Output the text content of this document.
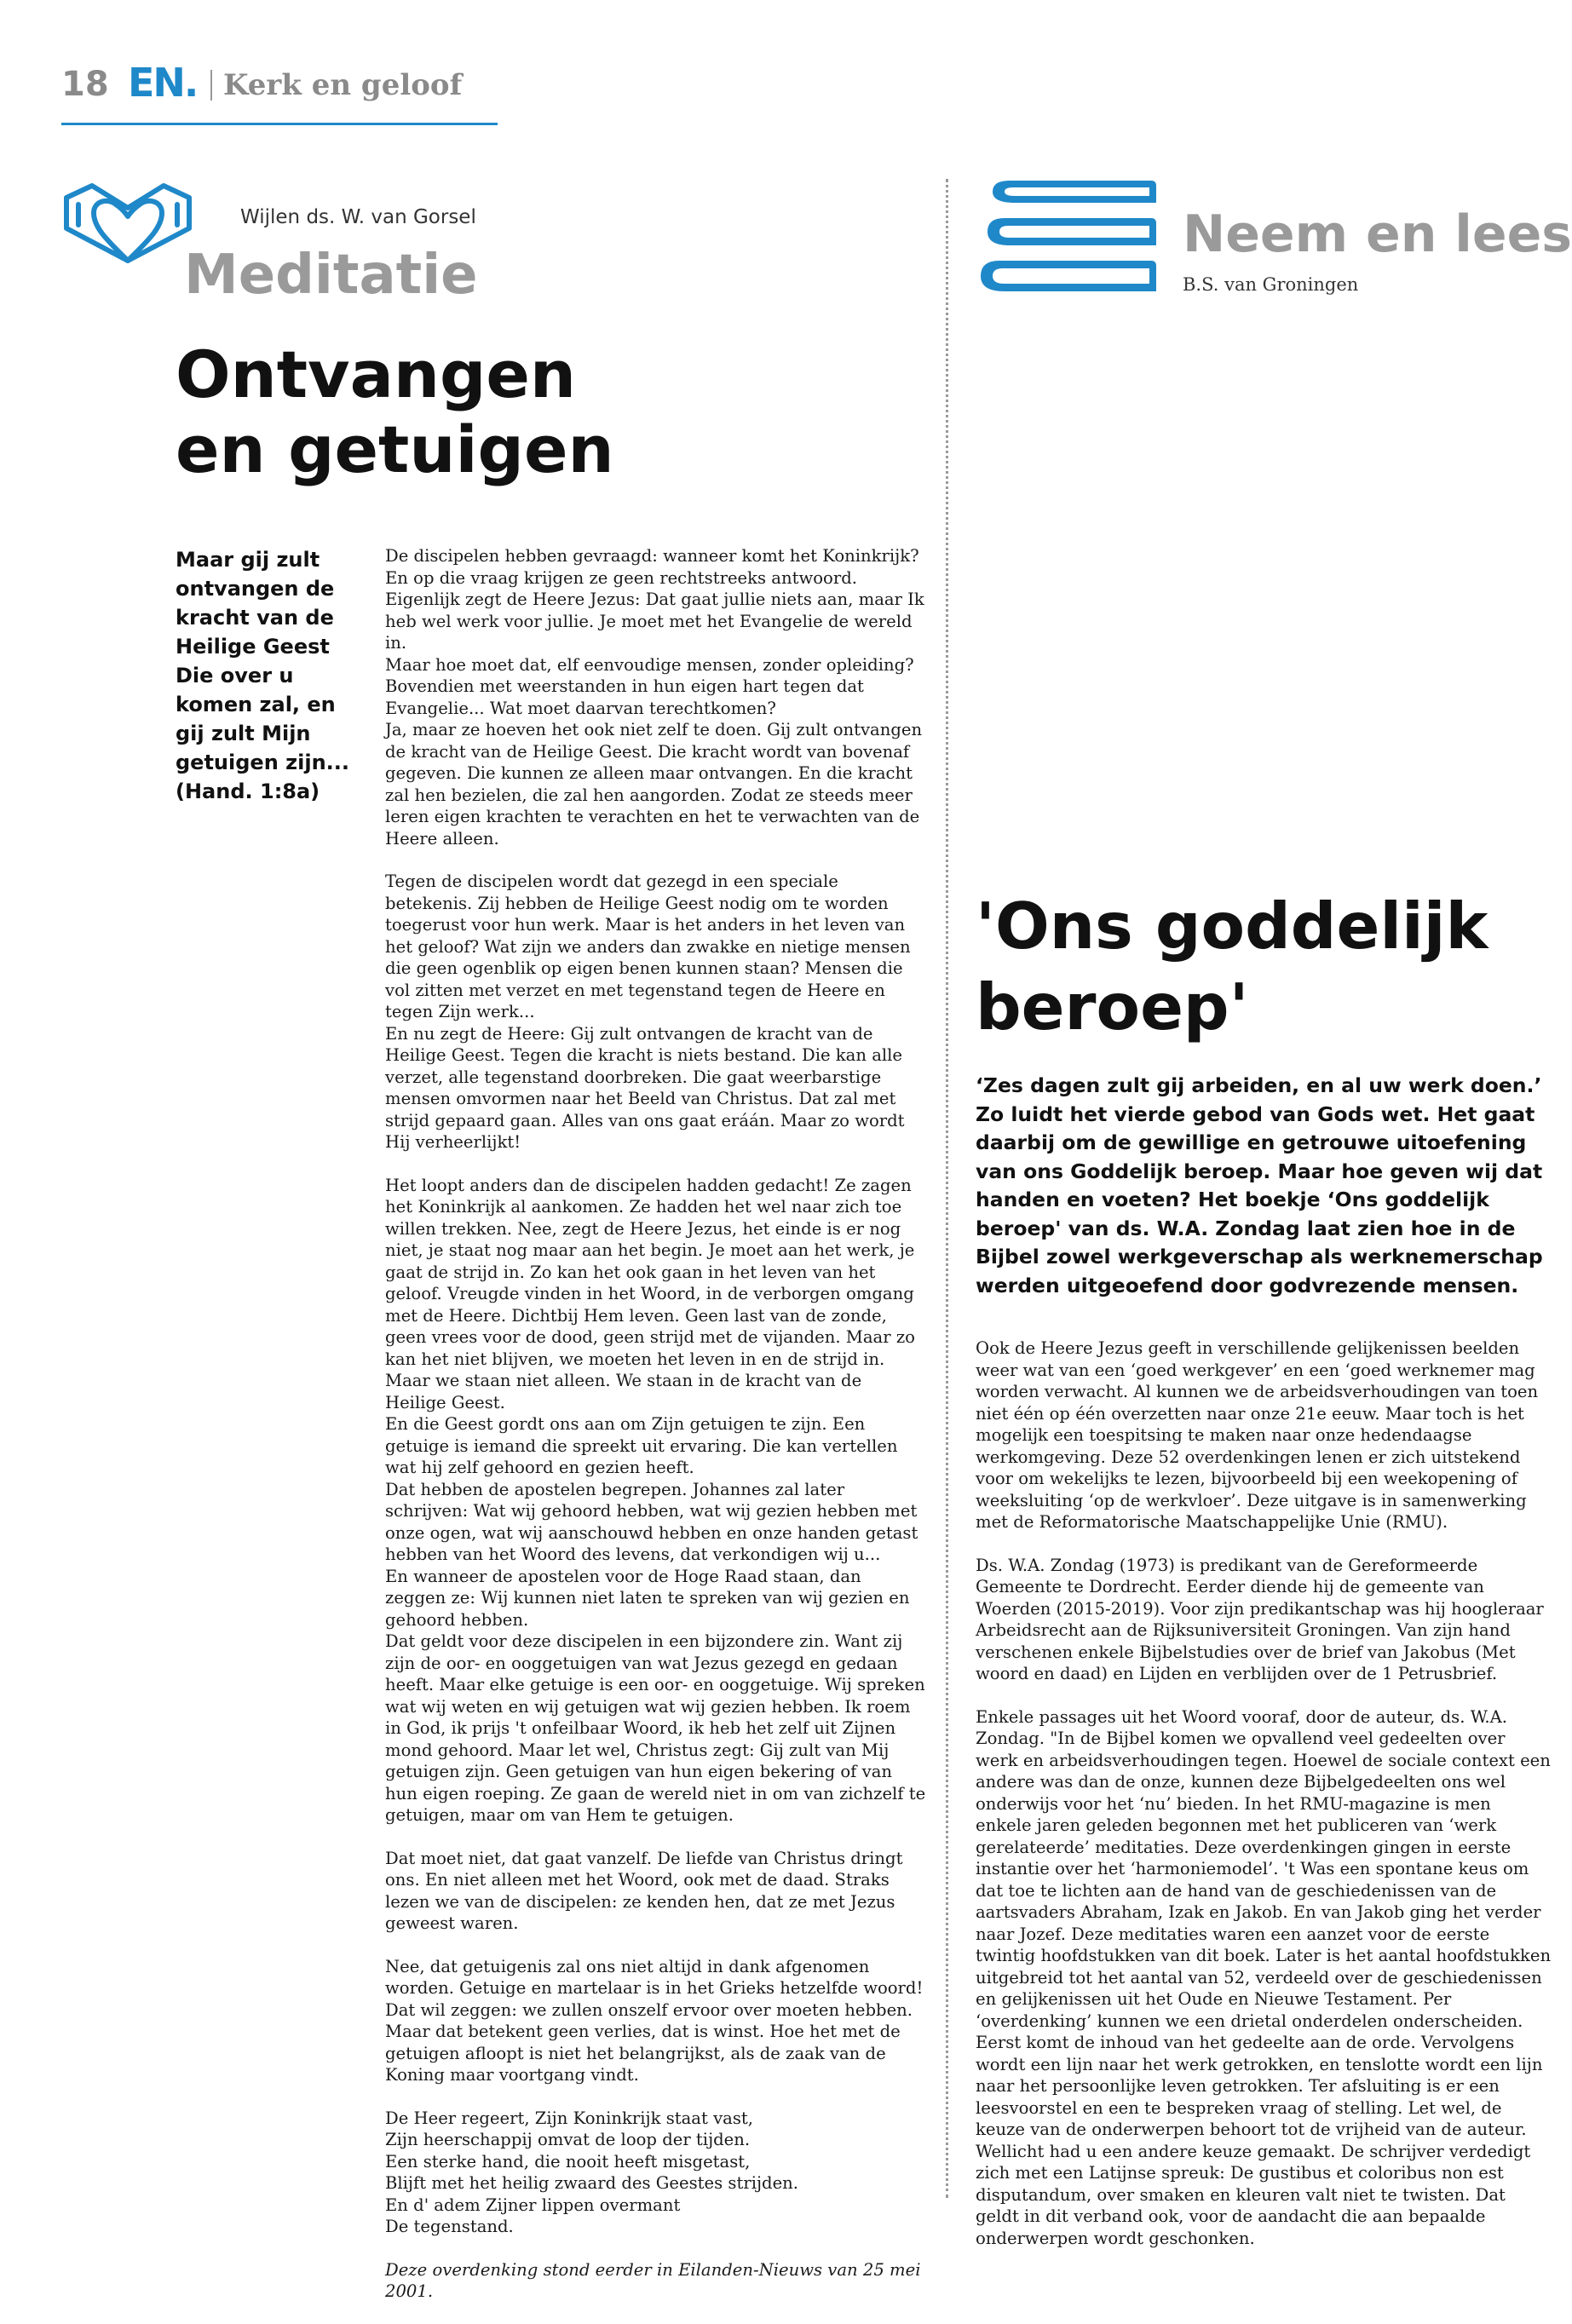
18 EN. Kerk en geloof
Wijlen ds. W. van Gorsel
Meditatie
Ontvangen
en getuigen
Maar gij zult ontvangen de kracht van de Heilige Geest Die over u komen zal, en gij zult Mijn getuigen zijn... (Hand. 1:8a)

De discipelen hebben gevraagd: wanneer komt het Koninkrijk? En op die vraag krijgen ze geen rechtstreeks antwoord. Eigenlijk zegt de Heere Jezus: Dat gaat jullie niets aan, maar Ik heb wel werk voor jullie. Je moet met het Evangelie de wereld in.
Maar hoe moet dat, elf eenvoudige mensen, zonder opleiding? Bovendien met weerstanden in hun eigen hart tegen dat Evangelie... Wat moet daarvan terechtkomen?
Ja, maar ze hoeven het ook niet zelf te doen. Gij zult ontvangen de kracht van de Heilige Geest. Die kracht wordt van bovenaf gegeven. Die kunnen ze alleen maar ontvangen. En die kracht zal hen bezielen, die zal hen aangorden. Zodat ze steeds meer leren eigen krachten te verachten en het te verwachten van de Heere alleen.

Tegen de discipelen wordt dat gezegd in een speciale betekenis. Zij hebben de Heilige Geest nodig om te worden toegerust voor hun werk. Maar is het anders in het leven van het geloof? Wat zijn we anders dan zwakke en nietige mensen die geen ogenblik op eigen benen kunnen staan? Mensen die vol zitten met verzet en met tegenstand tegen de Heere en tegen Zijn werk...
En nu zegt de Heere: Gij zult ontvangen de kracht van de Heilige Geest. Tegen die kracht is niets bestand. Die kan alle verzet, alle tegenstand doorbreken. Die gaat weerbarstige mensen omvormen naar het Beeld van Christus. Dat zal met strijd gepaard gaan. Alles van ons gaat eráán. Maar zo wordt Hij verheerlijkt!

Het loopt anders dan de discipelen hadden gedacht! Ze zagen het Koninkrijk al aankomen. Ze hadden het wel naar zich toe willen trekken. Nee, zegt de Heere Jezus, het einde is er nog niet, je staat nog maar aan het begin. Je moet aan het werk, je gaat de strijd in. Zo kan het ook gaan in het leven van het geloof. Vreugde vinden in het Woord, in de verborgen omgang met de Heere. Dichtbij Hem leven. Geen last van de zonde, geen vrees voor de dood, geen strijd met de vijanden. Maar zo kan het niet blijven, we moeten het leven in en de strijd in. Maar we staan niet alleen. We staan in de kracht van de Heilige Geest.
En die Geest gordt ons aan om Zijn getuigen te zijn. Een getuige is iemand die spreekt uit ervaring. Die kan vertellen wat hij zelf gehoord en gezien heeft.
Dat hebben de apostelen begrepen. Johannes zal later schrijven: Wat wij gehoord hebben, wat wij gezien hebben met onze ogen, wat wij aanschouwd hebben en onze handen getast hebben van het Woord des levens, dat verkondigen wij u...
En wanneer de apostelen voor de Hoge Raad staan, dan zeggen ze: Wij kunnen niet laten te spreken van wij gezien en gehoord hebben.
Dat geldt voor deze discipelen in een bijzondere zin. Want zij zijn de oor- en ooggetuigen van wat Jezus gezegd en gedaan heeft. Maar elke getuige is een oor- en ooggetuige. Wij spreken wat wij weten en wij getuigen wat wij gezien hebben. Ik roem in God, ik prijs 't onfeilbaar Woord, ik heb het zelf uit Zijnen mond gehoord. Maar let wel, Christus zegt: Gij zult van Mij getuigen zijn. Geen getuigen van hun eigen bekering of van hun eigen roeping. Ze gaan de wereld niet in om van zichzelf te getuigen, maar om van Hem te getuigen.

Dat moet niet, dat gaat vanzelf. De liefde van Christus dringt ons. En niet alleen met het Woord, ook met de daad. Straks lezen we van de discipelen: ze kenden hen, dat ze met Jezus geweest waren.

Nee, dat getuigenis zal ons niet altijd in dank afgenomen worden. Getuige en martelaar is in het Grieks hetzelfde woord! Dat wil zeggen: we zullen onszelf ervoor over moeten hebben. Maar dat betekent geen verlies, dat is winst. Hoe het met de getuigen afloopt is niet het belangrijkst, als de zaak van de Koning maar voortgang vindt.

De Heer regeert, Zijn Koninkrijk staat vast,
Zijn heerschappij omvat de loop der tijden.
Een sterke hand, die nooit heeft misgetast,
Blijft met het heilig zwaard des Geestes strijden.
En d' adem Zijner lippen overmant
De tegenstand.

Deze overdenking stond eerder in Eilanden-Nieuws van 25 mei 2001.

Neem en lees
B.S. van Groningen
'Ons goddelijk
beroep'
‘Zes dagen zult gij arbeiden, en al uw werk doen.’ Zo luidt het vierde gebod van Gods wet. Het gaat daarbij om de gewillige en getrouwe uitoefening van ons Goddelijk beroep. Maar hoe geven wij dat handen en voeten? Het boekje ‘Ons goddelijk beroep' van ds. W.A. Zondag laat zien hoe in de Bijbel zowel werkgeverschap als werknemerschap werden uitgeoefend door godvrezende mensen.

Ook de Heere Jezus geeft in verschillende gelijkenissen beelden weer wat van een ‘goed werkgever’ en een ‘goed werknemer mag worden verwacht. Al kunnen we de arbeidsverhoudingen van toen niet één op één overzetten naar onze 21e eeuw. Maar toch is het mogelijk een toespitsing te maken naar onze hedendaagse werkomgeving. Deze 52 overdenkingen lenen er zich uitstekend voor om wekelijks te lezen, bijvoorbeeld bij een weekopening of weeksluiting ‘op de werkvloer’. Deze uitgave is in samenwerking met de Reformatorische Maatschappelijke Unie (RMU).

Ds. W.A. Zondag (1973) is predikant van de Gereformeerde Gemeente te Dordrecht. Eerder diende hij de gemeente van Woerden (2015-2019). Voor zijn predikantschap was hij hoogleraar Arbeidsrecht aan de Rijksuniversiteit Groningen. Van zijn hand verschenen enkele Bijbelstudies over de brief van Jakobus (Met woord en daad) en Lijden en verblijden over de 1 Petrusbrief.

Enkele passages uit het Woord vooraf, door de auteur, ds. W.A. Zondag. "In de Bijbel komen we opvallend veel gedeelten over werk en arbeidsverhoudingen tegen. Hoewel de sociale context een andere was dan de onze, kunnen deze Bijbelgedeelten ons wel onderwijs voor het ‘nu’ bieden. In het RMU-magazine is men enkele jaren geleden begonnen met het publiceren van ‘werk gerelateerde’ meditaties. Deze overdenkingen gingen in eerste instantie over het ‘harmoniemodel’. 't Was een spontane keus om dat toe te lichten aan de hand van de geschiedenissen van de aartsvaders Abraham, Izak en Jakob. En van Jakob ging het verder naar Jozef. Deze meditaties waren een aanzet voor de eerste twintig hoofdstukken van dit boek. Later is het aantal hoofdstukken uitgebreid tot het aantal van 52, verdeeld over de geschiedenissen en gelijkenissen uit het Oude en Nieuwe Testament. Per ‘overdenking’ kunnen we een drietal onderdelen onderscheiden. Eerst komt de inhoud van het gedeelte aan de orde. Vervolgens wordt een lijn naar het werk getrokken, en tenslotte wordt een lijn naar het persoonlijke leven getrokken. Ter afsluiting is er een leesvoorstel en een te bespreken vraag of stelling. Let wel, de keuze van de onderwerpen behoort tot de vrijheid van de auteur. Wellicht had u een andere keuze gemaakt. De schrijver verdedigt zich met een Latijnse spreuk: De gustibus et coloribus non est disputandum, over smaken en kleuren valt niet te twisten. Dat geldt in dit verband ook, voor de aandacht die aan bepaalde onderwerpen wordt geschonken.
